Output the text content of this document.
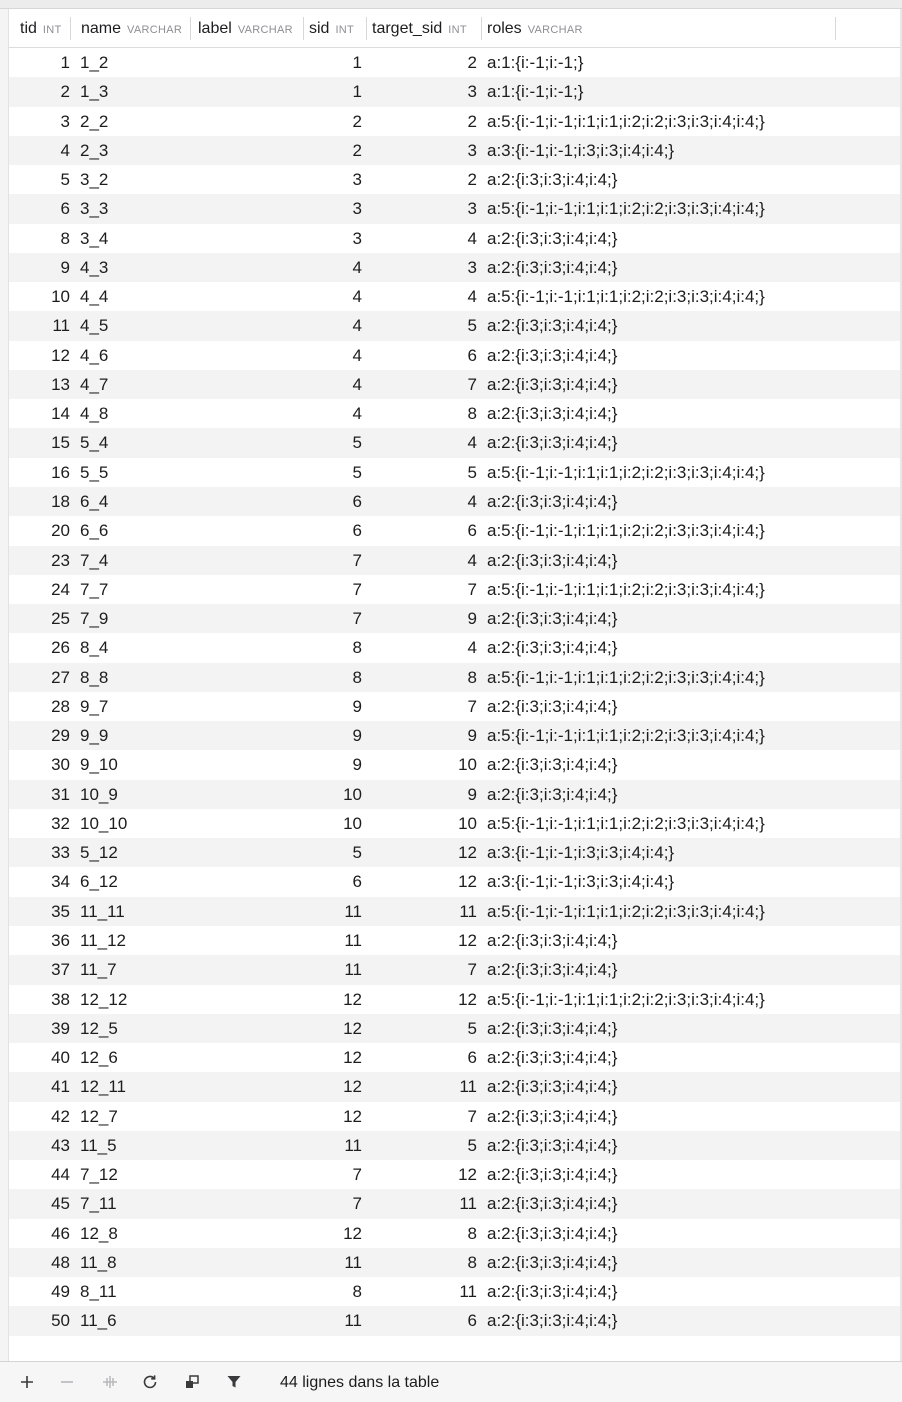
tid INT name VARCHAR label VARCHAR sid INT target_sid INT roles VARCHAR
1 1_2	1	2 a:1:{i:-1;i:-1;}
2 1_3	1	3 a:1:{i:-1;i:-1;}
3 2_2	2	2 a:5:{i:-1;i:-1;i:1;i:1;i:2;i:2;i:3;i:3;i:4;i:4;}
4 2_3	2	3 a:3:{i:-1;i:-1;i:3;i:3;i:4;i:4;}
5 3_2	3	2 a:2:{i:3;i:3;i:4;i:4;}
6 3_3	3	3 a:5:{i:-1;i:-1;i:1;i:1;i:2;i:2;i:3;i:3;i:4;i:4;}
8 3_4	3	4 a:2:{i:3;i:3;i:4;i:4;}
9 4_3	4	3 a:2:{i:3;i:3;i:4;i:4;}
10 4_4	4	4 a:5:{i:-1;i:-1;i:1;i:1;i:2;i:2;i:3;i:3;i:4;i:4;}
11 4_5	4	5 a:2:{i:3;i:3;i:4;i:4;}
12 4_6	4	6 a:2:{i:3;i:3;i:4;i:4;}
13 4_7	4	7 a:2:{i:3;i:3;i:4;i:4;}
14 4_8	4	8 a:2:{i:3;i:3;i:4;i:4;}
15 5_4	5	4 a:2:{i:3;i:3;i:4;i:4;}
16 5_5	5	5 a:5:{i:-1;i:-1;i:1;i:1;i:2;i:2;i:3;i:3;i:4;i:4;}
18 6_4	6	4 a:2:{i:3;i:3;i:4;i:4;}
20 6_6	6	6 a:5:{i:-1;i:-1;i:1;i:1;i:2;i:2;i:3;i:3;i:4;i:4;}
23 7_4	7	4 a:2:{i:3;i:3;i:4;i:4;}
24 7_7	7	7 a:5:{i:-1;i:-1;i:1;i:1;i:2;i:2;i:3;i:3;i:4;i:4;}
25 7_9	7	9 a:2:{i:3;i:3;i:4;i:4;}
26 8_4	8	4 a:2:{i:3;i:3;i:4;i:4;}
27 8_8	8	8 a:5:{i:-1;i:-1;i:1;i:1;i:2;i:2;i:3;i:3;i:4;i:4;}
28 9_7	9	7 a:2:{i:3;i:3;i:4;i:4;}
29 9_9	9	9 a:5:{i:-1;i:-1;i:1;i:1;i:2;i:2;i:3;i:3;i:4;i:4;}
30 9_10	9	10 a:2:{i:3;i:3;i:4;i:4;}
31 10_9	10	9 a:2:{i:3;i:3;i:4;i:4;}
32 10_10	10	10 a:5:{i:-1;i:-1;i:1;i:1;i:2;i:2;i:3;i:3;i:4;i:4;}
33 5_12	5	12 a:3:{i:-1;i:-1;i:3;i:3;i:4;i:4;}
34 6_12	6	12 a:3:{i:-1;i:-1;i:3;i:3;i:4;i:4;}
35 11_11	11	11 a:5:{i:-1;i:-1;i:1;i:1;i:2;i:2;i:3;i:3;i:4;i:4;}
36 11_12	11	12 a:2:{i:3;i:3;i:4;i:4;}
37 11_7	11	7 a:2:{i:3;i:3;i:4;i:4;}
38 12_12	12	12 a:5:{i:-1;i:-1;i:1;i:1;i:2;i:2;i:3;i:3;i:4;i:4;}
39 12_5	12	5 a:2:{i:3;i:3;i:4;i:4;}
40 12_6	12	6 a:2:{i:3;i:3;i:4;i:4;}
41 12_11	12	11 a:2:{i:3;i:3;i:4;i:4;}
42 12_7	12	7 a:2:{i:3;i:3;i:4;i:4;}
43 11_5	11	5 a:2:{i:3;i:3;i:4;i:4;}
44 7_12	7	12 a:2:{i:3;i:3;i:4;i:4;}
45 7_11	7	11 a:2:{i:3;i:3;i:4;i:4;}
46 12_8	12	8 a:2:{i:3;i:3;i:4;i:4;}
48 11_8	11	8 a:2:{i:3;i:3;i:4;i:4;}
49 8_11	8	11 a:2:{i:3;i:3;i:4;i:4;}
50 11_6	11	6 a:2:{i:3;i:3;i:4;i:4;}
44 lignes dans la table
